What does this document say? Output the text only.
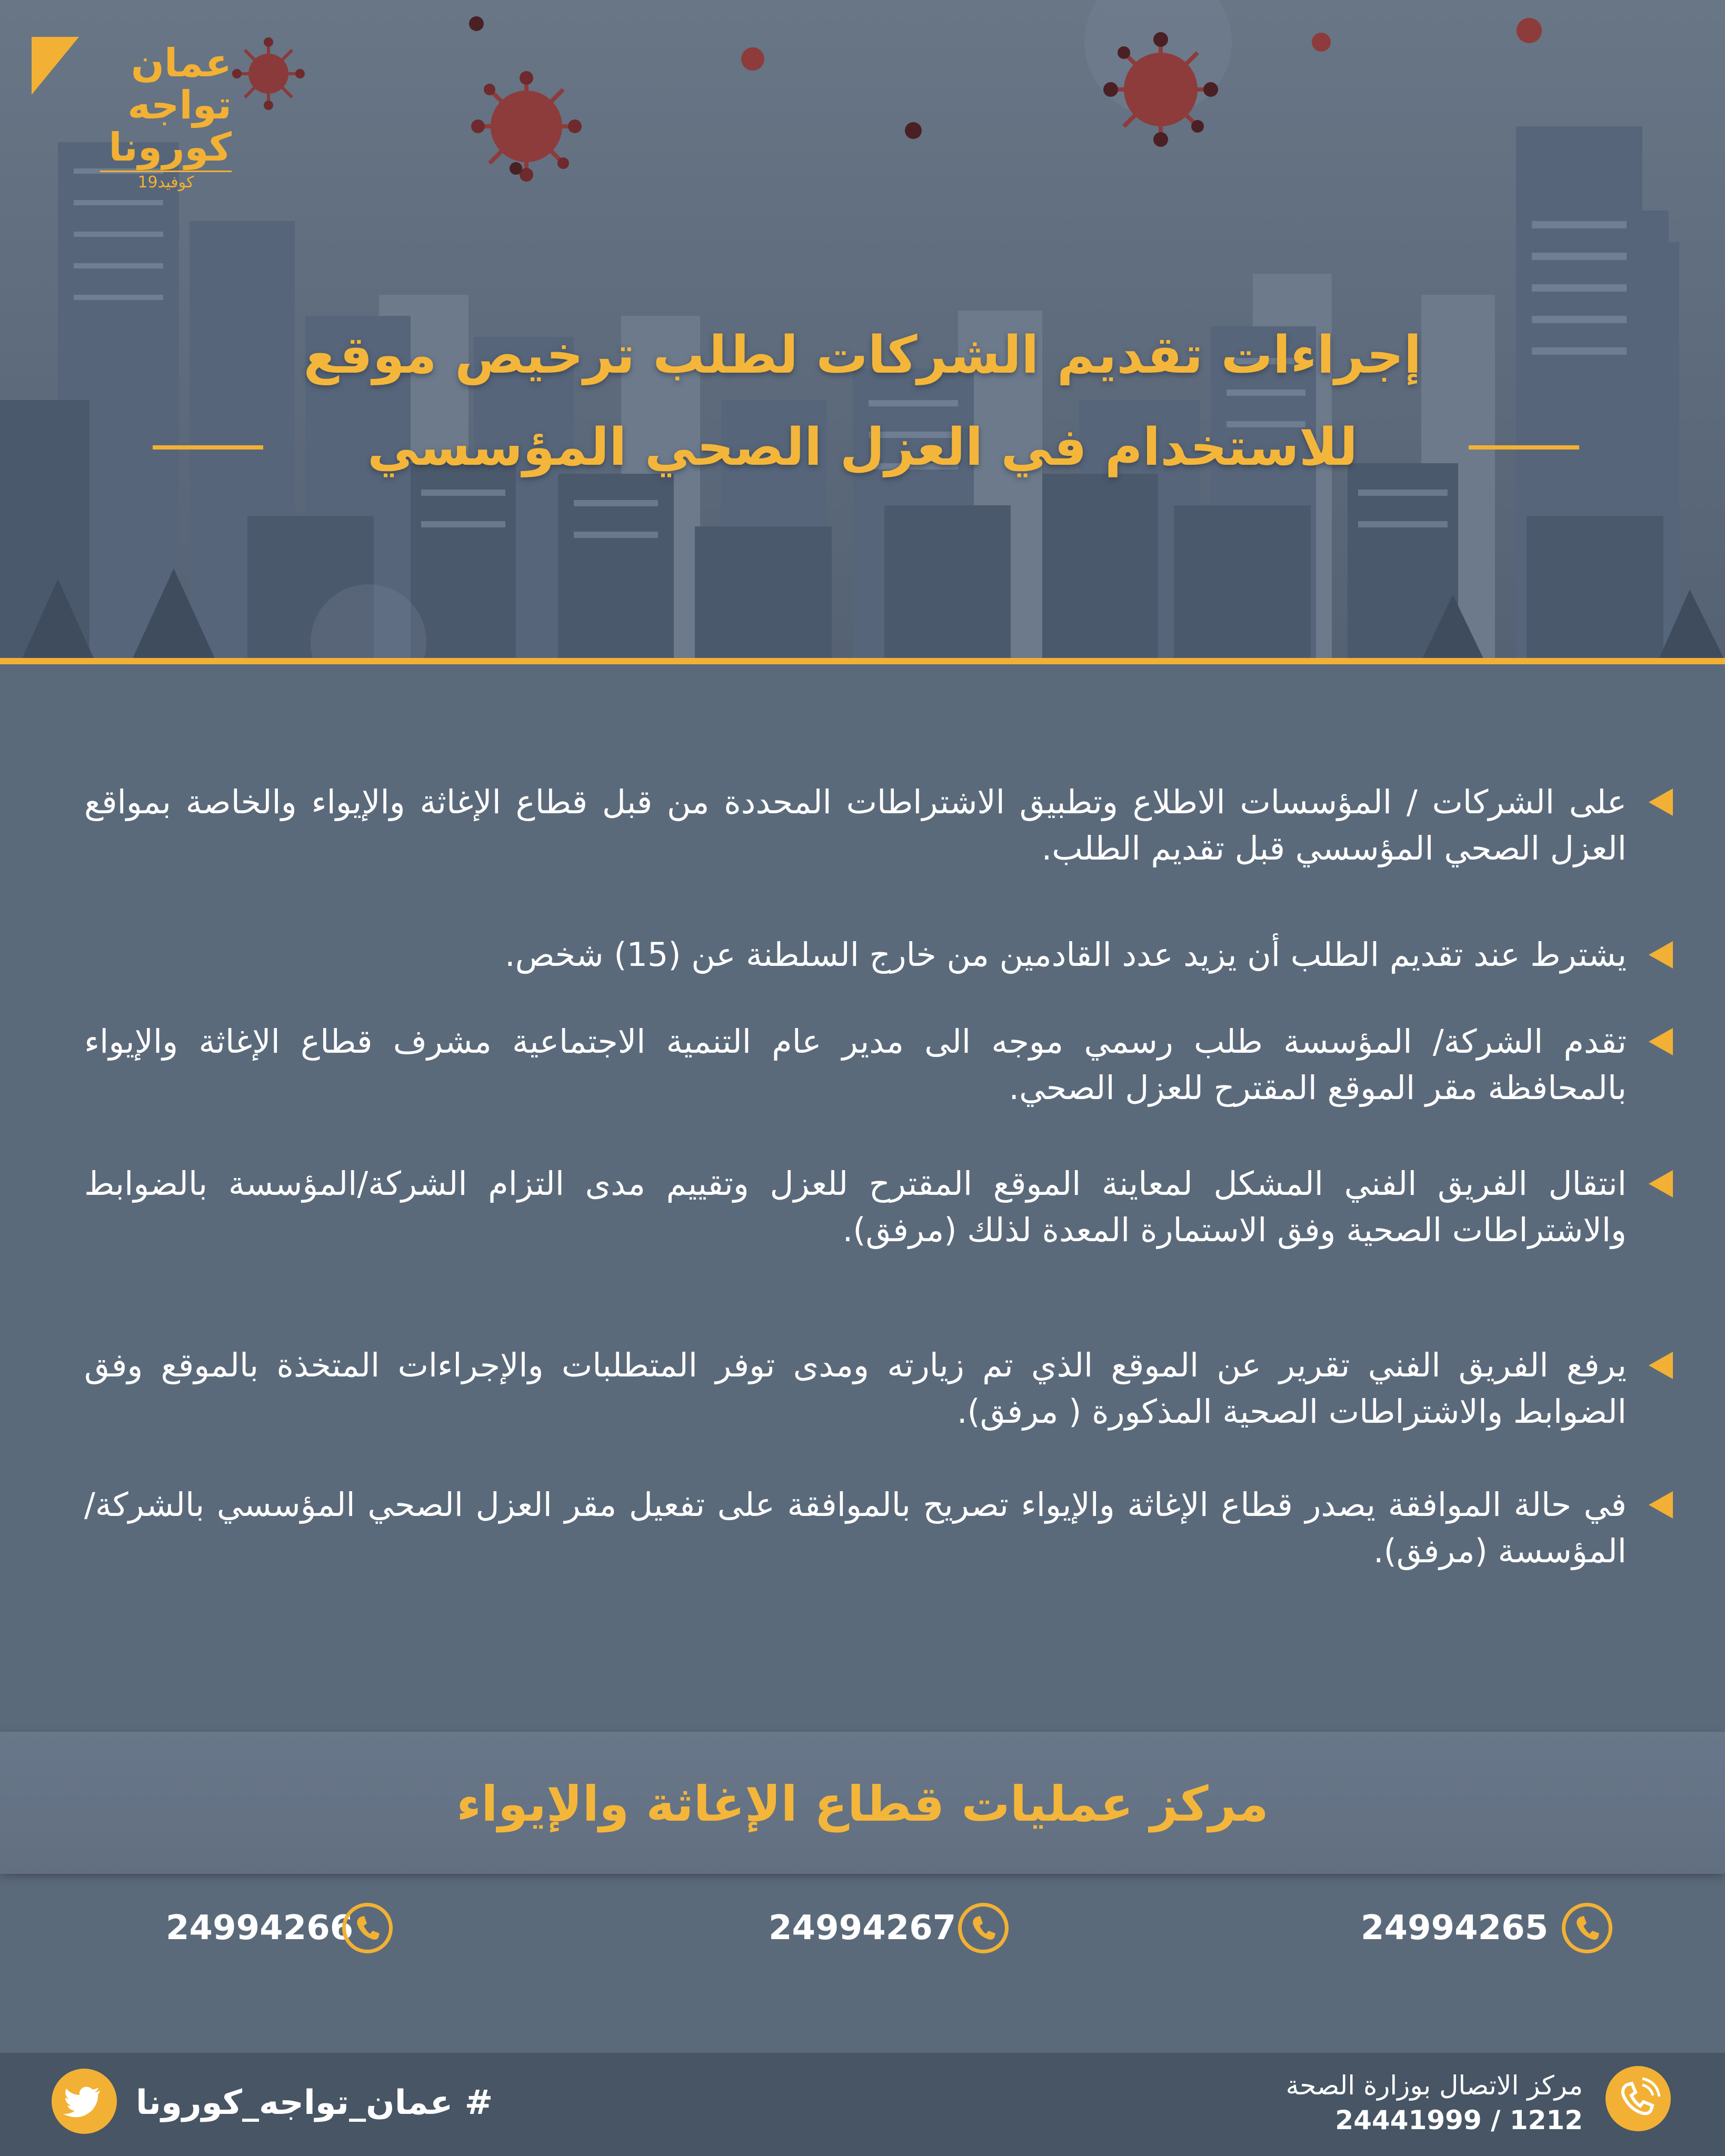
عمان
تواجه
كورونا
كوفيد19
إجراءات تقديم الشركات لطلب ترخيص موقع
للاستخدام في العزل الصحي المؤسسي
على الشركات / المؤسسات الاطلاع وتطبيق الاشتراطات المحددة من قبل قطاع الإغاثة والإيواء والخاصة بمواقع العزل الصحي المؤسسي قبل تقديم الطلب.
يشترط عند تقديم الطلب أن يزيد عدد القادمين من خارج السلطنة عن (15) شخص.
تقدم الشركة/ المؤسسة طلب رسمي موجه الى مدير عام التنمية الاجتماعية مشرف قطاع الإغاثة والإيواء بالمحافظة مقر الموقع المقترح للعزل الصحي.
انتقال الفريق الفني المشكل لمعاينة الموقع المقترح للعزل وتقييم مدى التزام الشركة/المؤسسة بالضوابط والاشتراطات الصحية وفق الاستمارة المعدة لذلك (مرفق).
يرفع الفريق الفني تقرير عن الموقع الذي تم زيارته ومدى توفر المتطلبات والإجراءات المتخذة بالموقع وفق الضوابط والاشتراطات الصحية المذكورة ( مرفق).
في حالة الموافقة يصدر قطاع الإغاثة والإيواء تصريح بالموافقة على تفعيل مقر العزل الصحي المؤسسي بالشركة/ المؤسسة (مرفق).
مركز عمليات قطاع الإغاثة والإيواء
24994265
24994267
24994266
# عمان_تواجه_كورونا	مركز الاتصال بوزارة الصحة
1212 / 24441999
